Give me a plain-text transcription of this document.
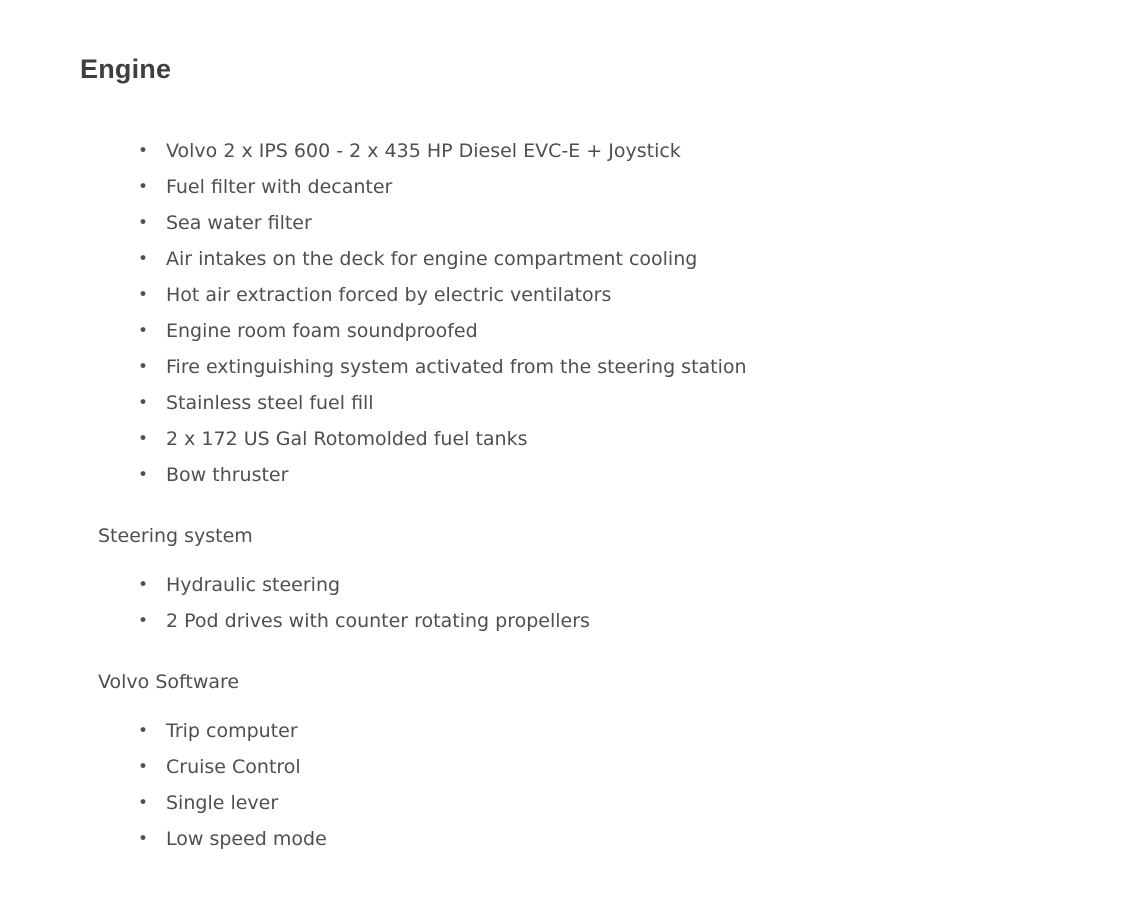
Engine
• Volvo 2 x IPS 600 - 2 x 435 HP Diesel EVC-E + Joystick
• Fuel filter with decanter
• Sea water filter
• Air intakes on the deck for engine compartment cooling
• Hot air extraction forced by electric ventilators
• Engine room foam soundproofed
• Fire extinguishing system activated from the steering station
• Stainless steel fuel fill
• 2 x 172 US Gal Rotomolded fuel tanks
• Bow thruster

Steering system

• Hydraulic steering
• 2 Pod drives with counter rotating propellers

Volvo Software

• Trip computer
• Cruise Control
• Single lever
• Low speed mode
